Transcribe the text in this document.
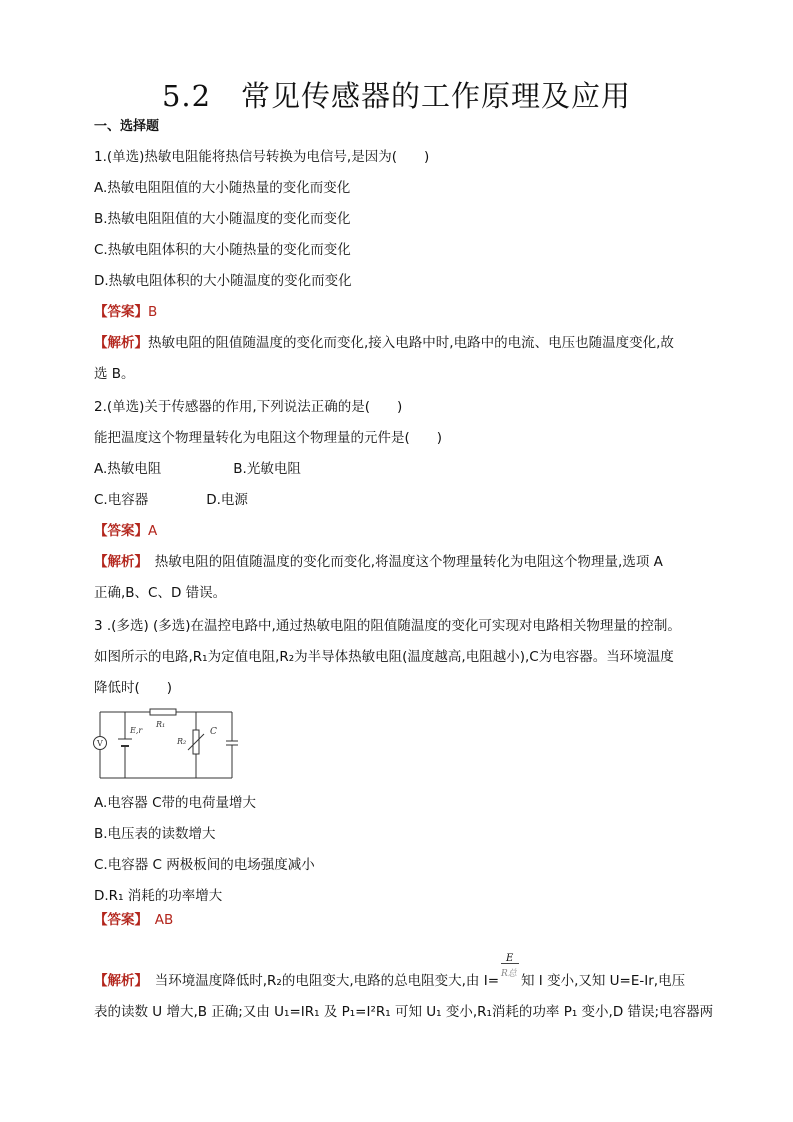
5.2　常见传感器的工作原理及应用

一、选择题

1.(单选)热敏电阻能将热信号转换为电信号,是因为(　　)

A.热敏电阻阻值的大小随热量的变化而变化

B.热敏电阻阻值的大小随温度的变化而变化

C.热敏电阻体积的大小随热量的变化而变化

D.热敏电阻体积的大小随温度的变化而变化

【答案】B

【解析】热敏电阻的阻值随温度的变化而变化,接入电路中时,电路中的电流、电压也随温度变化,故

选 B。

2.(单选)关于传感器的作用,下列说法正确的是(　　)

能把温度这个物理量转化为电阻这个物理量的元件是(　　)

A.热敏电阻	B.光敏电阻

C.电容器	D.电源

【答案】A

【解析】　热敏电阻的阻值随温度的变化而变化,将温度这个物理量转化为电阻这个物理量,选项 A

正确,B、C、D 错误。

3 .(多选) (多选)在温控电路中,通过热敏电阻的阻值随温度的变化可实现对电路相关物理量的控制。

如图所示的电路,R₁为定值电阻,R₂为半导体热敏电阻(温度越高,电阻越小),C为电容器。当环境温度

降低时(　　)

V
E,r
R₁
R₂
C

A.电容器 C带的电荷量增大

B.电压表的读数增大

C.电容器 C 两极板间的电场强度减小

D.R₁ 消耗的功率增大

【答案】　AB

【解析】　当环境温度降低时,R₂的电阻变大,电路的总电阻变大,由 $I= \frac{E}{\text{R总}}$ 知 I 变小,又知 U=E-Ir,电压

表的读数 U 增大,B 正确;又由 U₁=IR₁ 及 P₁=I²R₁ 可知 U₁ 变小,R₁消耗的功率 P₁ 变小,D 错误;电容器两
